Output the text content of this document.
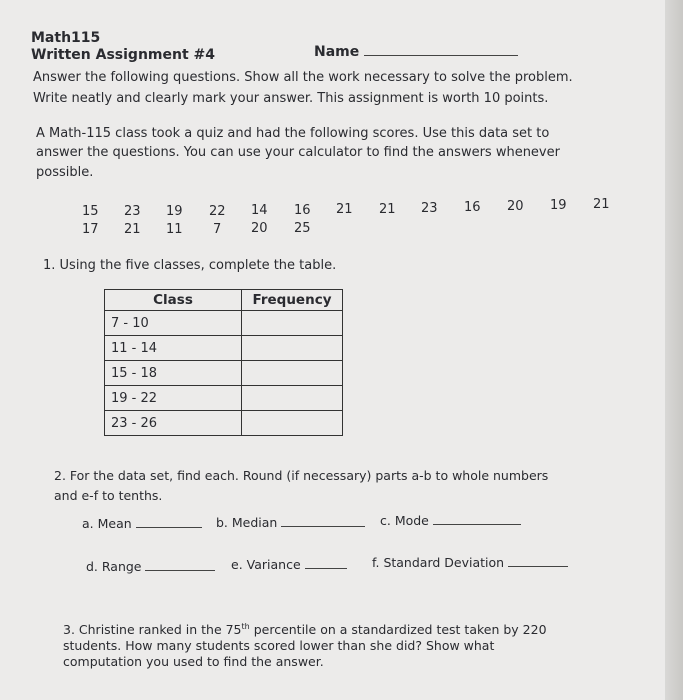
Math115
Written Assignment #4	Name
Answer the following questions. Show all the work necessary to solve the problem.
Write neatly and clearly mark your answer. This assignment is worth 10 points.
A Math-115 class took a quiz and had the following scores. Use this data set to
answer the questions. You can use your calculator to find the answers whenever
possible.
15 23 19 22 14 16 21 21 23 16 20 19 21
17 21 11 7 20 25
1. Using the five classes, complete the table.
Class	Frequency
7 - 10	
11 - 14	
15 - 18	
19 - 22	
23 - 26	
2. For the data set, find each. Round (if necessary) parts a-b to whole numbers
and e-f to tenths.
a. Mean	b. Median	c. Mode
d. Range	e. Variance	f. Standard Deviation
3. Christine ranked in the 75th percentile on a standardized test taken by 220
students. How many students scored lower than she did? Show what
computation you used to find the answer.
